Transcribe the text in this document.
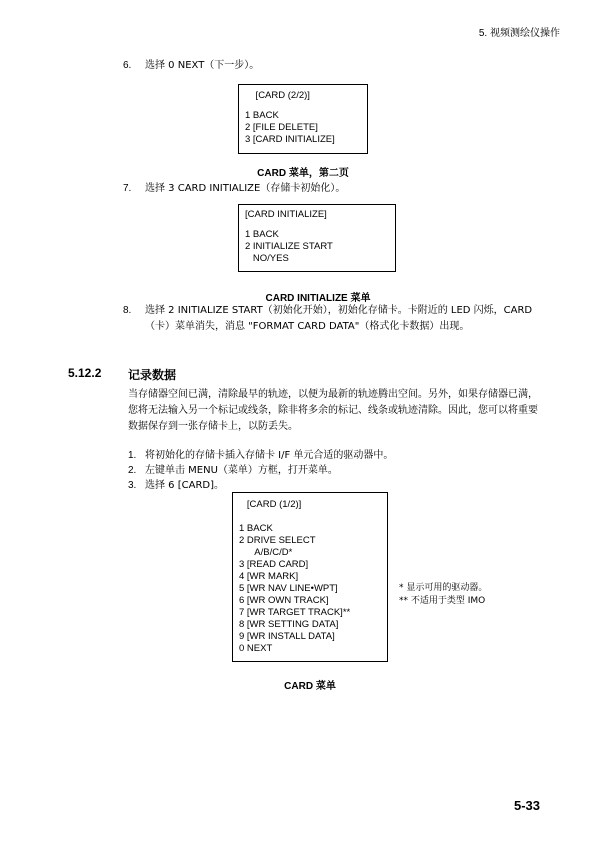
5. 视频测绘仪操作
6. 选择 0 NEXT（下一步）。
[CARD (2/2)]
1 BACK
2 [FILE DELETE]
3 [CARD INITIALIZE]
CARD 菜单，第二页
7. 选择 3 CARD INITIALIZE（存储卡初始化）。
[CARD INITIALIZE]
1 BACK
2 INITIALIZE START
NO/YES
CARD INITIALIZE 菜单
8. 选择 2 INITIALIZE START（初始化开始），初始化存储卡。卡附近的 LED 闪烁，CARD（卡）菜单消失，消息 "FORMAT CARD DATA"（格式化卡数据）出现。
5.12.2 记录数据
当存储器空间已满，清除最早的轨迹，以便为最新的轨迹腾出空间。另外，如果存储器已满，您将无法输入另一个标记或线条，除非将多余的标记、线条或轨迹清除。因此，您可以将重要数据保存到一张存储卡上，以防丢失。
1. 将初始化的存储卡插入存储卡 I/F 单元合适的驱动器中。
2. 左键单击 MENU（菜单）方框，打开菜单。
3. 选择 6 [CARD]。
[CARD (1/2)]
1 BACK
2 DRIVE SELECT
A/B/C/D*
3 [READ CARD]
4 [WR MARK]
5 [WR NAV LINE•WPT]
6 [WR OWN TRACK]
7 [WR TARGET TRACK]**
8 [WR SETTING DATA]
9 [WR INSTALL DATA]
0 NEXT
* 显示可用的驱动器。
** 不适用于类型 IMO
CARD 菜单
5-33
